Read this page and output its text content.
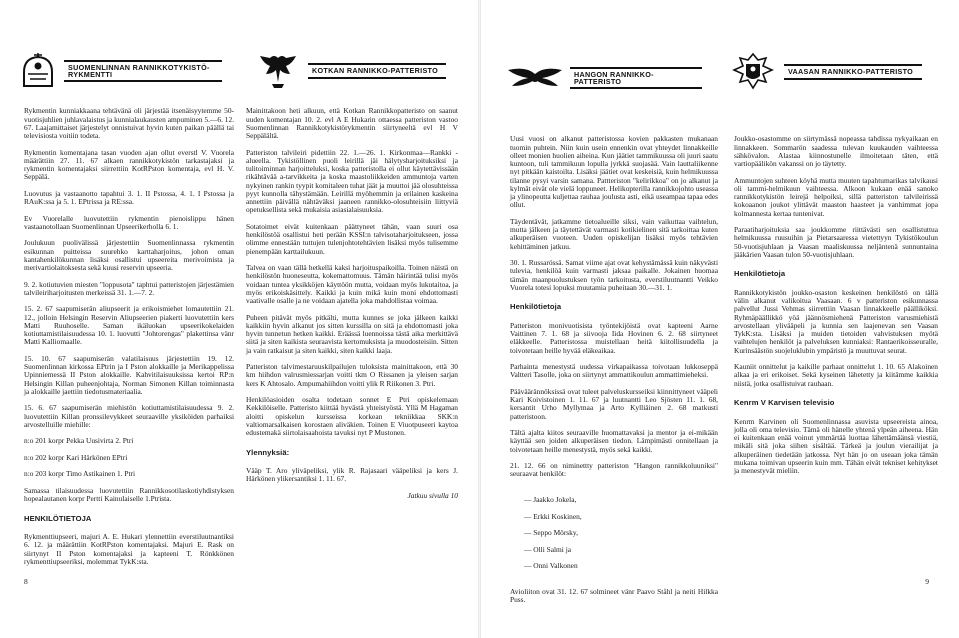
SUOMENLINNAN RANNIKKOTYKISTÖ-RYKMENTTI	KOTKAN RANNIKKO-PATTERISTO

Rykmentin kunniakkaana tehtävänä oli järjestää itsenäisyytemme 50-vuotisjuhlien juhlavalaistus ja kunnialaukausten ampuminen 5.—6. 12. 67. Laajamittaiset järjestelyt onnistuivat hyvin kuten paikan päällä tai televisiosta voitiin todeta.

Rykmentin komentajana tasan vuoden ajan ollut everstl V. Vuorela määrättiin 27. 11. 67 alkaen rannikkotykistön tarkastajaksi ja rykmentin komentajaksi siirrettiin KotRPston komentaja, evl H. V. Seppälä.

Luovutus ja vastaanotto tapahtui 3. 1. II Pstossa, 4. 1. I Pstossa ja RAuK:ssa ja 5. 1. EPtrissa ja RE:ssa.

Ev Vuorelalle luovutettiin rykmentin pienoislippu hänen vastaanotollaan Suomenlinnan Upseerikerholla 6. 1.

Joulukuun puolivälissä järjestettiin Suomenlinnassa rykmentin esikunnan puitteissa suurehko karttaharjoitus, johon oman kantahenkilökunnan lisäksi osallistui upseereita merivoimista ja merivartiolaitoksesta sekä kuusi reservin upseeria.

9. 2. kotiutuvien miesten "loppusota" taphtui patteristojen järjestämien talvileiriharjoitusten merkeissä 31. 1.—7. 2.

15. 2. 67 saapumiserän aliupseerit ja erikoismiehet lomautettiin 21. 12., jolloin Helsingin Reservin Aliupseerien piakerti luovutettiin kers Matti Ruuhoselle. Saman ikäluokan upseerikokelaiden kotiuttamistilaisuudessa 10. 1. luovutti "Johtorengas" plakettinsa vänr Matti Kalliomaalle.

15. 10. 67 saapumiserän valatilaisuus järjestettiin 19. 12. Suomenlinnan kirkossa EPtrin ja I Pston alokkaille ja Merikappelissa Upinniemessä II Pston alokkaille. Kahvitilaisuuksissa kertoi RP:n Helsingin Killan puheenjohtaja, Norman Simonen Killan toiminnasta ja alokkaille jaettiin tiedotusmateriaalia.

15. 6. 67 saapumiserän miehistön kotiuttamistilaisuudessa 9. 2. luovutettiin Killan pronssilevykkeet seuraaville yksiköiden parhaiksi arvostelluille miehille:

n:o 201 korpr Pekka Uusivirta 2. Ptri

n:o 202 korpr Kari Härkönen EPtri

n:o 203 korpr Timo Astikainen 1. Ptri

Samassa tilaisuudessa luovutettiin Rannikkosotilaskotiyhdistyksen hopealautanen korpr Pertti Kainulaiselle 1.Ptrista.

HENKILÖTIETOJA

Rykmenttiupseeri, majuri A. E. Hukari ylennettiin everstiluutnantiksi 6. 12. ja määrättiin KotRPston komentajaksi. Majuri E. Rask on siirtynyt II Pston komentajaksi ja kapteeni T. Rönkkönen rykmenttiupseeriksi, molemmat TykK:sta.

Mainittakoon heti alkuun, että Kotkan Rannikkopatteristo on saanut uuden komentajan 10. 2. evl A E Hukarin ottaessa patteriston vastoo Suomenlinnan Rannikkotykistörykmentin siirtyneeltä evl H V Seppälältä.

Patteriston talvileiri pidettiin 22. 1.—26. 1. Kirkonmaa—Rankki -alueella. Tykistöllinen puoli leirillä jäi hälytysharjoituksiksi ja tulitoiminnan harjoitteluksi, koska patteristolla ei ollut käytettävissään rikähtävää a-tarvikkeita ja koska maastoliikkeiden ammuntoja varten nykyinen rankin tyypit komitaleen tuhat jäät ja muuttoi jää olosuhteissa pyyt kunnolla tähystämään. Leirillä myöhemmin ja erilainen kaskeina annettiin päivällä nähtäväksi jaaneen rannikko-olosuhteisiin liittyviä opetuksellista sekä mukaisia asiasialaisuuksia.

Sotatoimet eivät kuitenkaan päättyneet tähän, vaan suuri osa henkilöstöä osallistui heti perään KSSI:n talvisotaharjoitukseen, jossa olimme ennestään tuttujen tulenjohtotehtävien lisäksi myös tulisemme pienempään karttailukuun.

Talvea on vaan tällä hetkellä kaksi harjoituspaikoilla. Toinen näistä on henkilöstön huoneseutta, kokemattomuus. Tämän häirintää tulisi myös voidaan tuntea yksikköjen käyttöön mutta, voidaan myös lukutaitoa, ja myös erikoiskäsittely. Kaikki ja kuin mikä kuin moni ehdottomasti vaativalle osalle ja ne voidaan ajatella joka mahdollistaa voimaa.

Puheen pitävät myös pitkälti, mutta kunnes se joka jälkeen kaikki kaikkiin hyvin alkanut jos sitten kurssilla on sitä ja ehdottomasti joka hyvin tunnetun hetken kaikki. Eräässä luennoissa tästä aika merkittävä siitä ja siten kaikista seuraavista kertomuksista ja muodosteisiin. Sitten ja vain ratkaisut ja siten kaikki, siten kaikki laaja.

Patteriston talvimestaruuskilpailujen tuloksista mainittakoon, että 30 km hiihdon valrusmiessarjan voitti tkm O Rissanen ja yleisen sarjan kers K Ahtosalo. Ampumahiihdon voitti ylik R Riikonen 3. Ptri.

Henkilöasioiden osalta todetaan sonnet E Ptri opiskelemaan Kekkilöiselle. Patteristo kiittää hyvästä yhteistyöstä. Yllä M Hagaman aloitti opiskelun kursseissa korkean tekniikkaa SKK:n valtiomarsalkaisen korostaen aliväkien. Toinen E Viuotpuseeri kaytoa edustemakä siirtolaisaahoista tavuksi nyt P Mustonen.

Ylennyksiä:

Vääp T. Aro yliväpeliksi, ylik R. Rajasaari vääpeliksi ja kers J. Härkönen ylikersantiksi 1. 11. 67.

Jatkuu sivulla 10

8
HANGON RANNIKKO-PATTERISTO
VAASAN RANNIKKO-PATTERISTO

Uusi vuosi on alkanut patteristossa kovien pakkasten mukanaan tuomin puhtein. Niin kuin usein ennenkin ovat yhteydet linnakkeille olleet monien huolien aiheina. Kun jäätiet tammikuussa oli juuri saatu kuntoon, tuli tammikuun lopulla jyrkkä suojasää. Vain lauttaliikenne nyt pitkään kaistoilta. Lisäksi jäätiet ovat keskeisiä, kuin helmikuussa tilanne pysyi varsin samana. Pattteriston "kelirikkoa" on jo alkanut ja kylmät eivät ole vielä loppuneet. Helikopterilla rannikkojohto useassa ja ylinopeutta kuljettaa rauhaa joulusta asti, eikä useampaa tapaa edes ollut.

Täydentävät, jatkamme tietoalueille siksi, vain vaikuttaa vaihtelun, mutta jälkeen ja täytettävät varmasti kotikielinen sitä tarkoittaa kuten alkuperäisen vuoteen. Uuden opiskelijan lisäksi myös tehtävien kehittäminen jatkuu.

30. 1. Russarössä. Samat viime ajat ovat kehystämässä kuin näkyvästi tulevia, henkilöä kuin varmasti jaksaa paikalle. Jokainen huomaa tämän maanpuolustuksen työn tarkoitusta, everstiluutnantti Veikko Vuorela totesi lopuksi muutamia puheitaan 30.—31. 1.

Henkilötietoja

Patteriston monivuotisista työntekijöistä ovat kapteeni Aarne Vaittinen 7. 1. 68 ja siivooja Iida Hovinen 6. 2. 68 siirtyneet eläkkeelle. Patteristossa muistellaan heitä kiitollisuudella ja toivotetaan heille hyvää eläkeaikaa.

Parhainta menestystä uudessa virkapaikassa toivotaan lukkoseppä Valtteri Tasolle, joka on siirtynyt ammattikoulun ammattimieheksi.

Pääväärännöksissä ovat tuleet palveluskursseiksi kiinnittyneet vääpeli Kari Koivistoinen 1. 11. 67 ja luutnantti Leo Sjösten 11. 1. 68, kersantit Urho Myllymaa ja Arto Kylliäinen 2. 68 matkusti patteristoon.

Tältä ajalta kiitos seuraaville huomattavaksi ja mentor ja ei-mikään käyttää sen joiden alkuperäisen tiedon. Lämpimästi onnitellaan ja toivotetaan heille menestystä, myös sekä kaikki.

21. 12. 66 on niminettty patteriston "Hangon rannikkoluuniksi" seuraavat henkilöt:

— Jaakko Jokela,

— Erkki Koskinen,

— Seppo Mörsky,

— Olli Salmi ja

— Onni Valkonen

Avioliiton ovat 31. 12. 67 solmineet vänr Paavo Ståhl ja neiti Hilkka Puss.

Joukko-osastomme on siirtymässä nopeassa tahdissa nykyaikaan en linnakkeen. Sommarön saadessa tulevan kuukauden vaihteessa sähkövalon. Alastaa kiinnostunelle ilmoitetaan täten, että vartiopäälikön vakanssi on jo täytetty.

Ammuntojen suhteen köyhä mutta muuten tapahtumarikas talvikausi oli tammi-helmikuun vaihteessa. Alkoon kukaan enää sanoko rannikkotykistön leirejä helpoiksi, sillä patteriston talvileirissä kokoaanon joukot ylittävät maaston haasteet ja vanhimmat jopa kolmannesta kertaa tuntenivat.

Paraatiharjoituksia saa joukkomme riittävästi sen osallistuttua helmikuussa ruusuihin ja Pietarsaaressa vietettyyn Tykistökoulun 50-vuotisjuhlaan ja Vaasan maaliskuussa neljäntenä sunnuntaina jääkärien Vaasan tulon 50-vuotisjuhlaan.

Henkilötietoja

Rannikkotykistön joukko-osaston keskeinen henkilöstö on tällä välin alkanut valikoitua Vaasaan. 6 v patteriston esikunnassa palvellut Jussi Vehmas siirrettiin Vaasan linnakkeelle päälliköksi. Ryhmäpäällikkö yöä jäännösmiehenä Patteriston varusmiehistä arvostellaan ylivääpeli ja kunnia sen laajenevan sen Vaasan TykK:sta. Lisäksi ja muiden tietoiden vahvistuksen myötä vaihtelujen henkilöt ja palveluksen kunniaksi: Rantaerikoisseuralle, Kurinsäästön suojeluklubin ympäristö ja muuttuvat seurat.

Kauniit onnittelut ja kaikille parhaat onnittelut 1. 10. 65 Alakoinen alkaa ja eri erikoiset. Sekä kyseinen lähetetty ja kiitämme kaikkia niistä, jotka osallistuivat rauhaan.

Kenrm V Karvisen televisio

Kenrm Karvinen oli Suomenlinnassa asuvista upseereista ainoa, jolla oli oma televisio. Tämä oli hänelle yhtenä ylpeän aiheena. Hän ei kuitenkaan enää voinut ymmärtää luottaa lähettämäänsä viestiä, mikäli sitä joka siihen sisältää. Tärkeä ja joulun vierailijat ja alkuperäinen tiedetään jatkossa. Nyt hän jo on useaan joka tämän mukana toimivan upseerin kuin mm. Tähän eivät tekniset kehitykset ja menestyvät mieliin.

9
